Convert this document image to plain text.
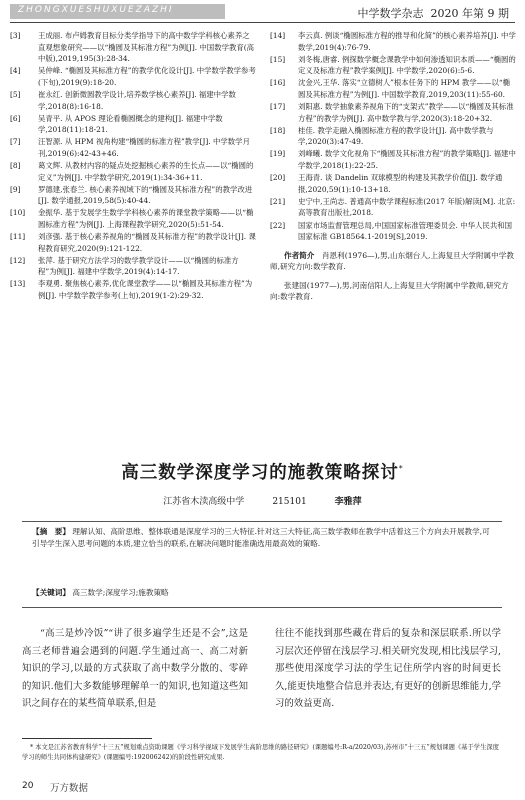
ZHONGXUESHUXUEZAZHI	中学数学杂志 2020 年第 9 期
[3]	王成丽. 布卢姆教育目标分类学指导下的高中数学学科核心素养之直观想象研究——以“椭圆及其标准方程”为例[J]. 中国数学教育(高中版),2019,195(3):28-34.
[4]	吴仲峰. “椭圆及其标准方程”的教学优化设计[J]. 中学数学教学参考(下旬),2019(9):18-20.
[5]	崔永红. 创新微圆教学设计,培养数学核心素养[J]. 福建中学数学,2018(8):16-18.
[6]	吴青平. 从 APOS 理论看椭圆概念的建构[J]. 福建中学数学,2018(11):18-21.
[7]	汪智源. 从 HPM 视角构建“椭圆的标准方程”教学[J]. 中学数学月刊,2019(6):42-43+46.
[8]	葛文辉. 从教材内容的疑点处挖掘核心素养的生长点——以“椭圆的定义”为例[J]. 中学数学研究,2019(1):34-36+11.
[9]	罗德建,张春兰. 核心素养视域下的“椭圆及其标准方程”的教学改进[J]. 数学通报,2019,58(5):40-44.
[10]	金振华. 基于发展学生数学学科核心素养的课堂教学策略——以“椭圆标准方程”为例[J]. 上海课程教学研究,2020(5):51-54.
[11]	刘彦强. 基于核心素养视角的“椭圆及其标准方程”的教学设计[J]. 课程教育研究,2020(9):121-122.
[12]	张萍. 基于研究方法学习的数学教学设计——以“椭圆的标准方程”为例[J]. 福建中学数学,2019(4):14-17.
[13]	李观勇. 聚焦核心素养,优化课堂教学——以“椭圆及其标准方程”为例[J]. 中学数学教学参考(上旬),2019(1-2):29-32.
[14]	李云真. 例谈“椭圆标准方程的推导和化简”的核心素养培养[J]. 中学数学,2019(4):76-79.
[15]	刘冬梅,唐睿. 例探数学概念课教学中如何渗透知识本质——“椭圆的定义及标准方程”教学案例[J]. 中学数学,2020(6):5-6.
[16]	沈金兴,王华. 落实“立德树人”根本任务下的 HPM 教学——以“椭圆及其标准方程”为例[J]. 中国数学教育,2019,203(11):55-60.
[17]	刘阳惠. 数学抽象素养视角下的“支架式”教学——以“椭圆及其标准方程”的教学为例[J]. 高中数学教与学,2020(3):18-20+32.
[18]	桂佳. 教学走融入椭圆标准方程的教学设计[J]. 高中数学教与学,2020(3):47-49.
[19]	刘峰曦. 数学文化视角下“椭圆及其标准方程”的教学策略[J]. 福建中学数学,2018(1):22-25.
[20]	王海青. 谈 Dandelin 双球模型的构建及其教学价值[J]. 数学通报,2020,59(1):10-13+18.
[21]	史宁中,王尚志. 普通高中数学课程标准(2017 年版)解读[M]. 北京:高等教育出版社,2018.
[22]	国家市场监督管理总局,中国国家标准管理委员会. 中华人民共和国国家标准 GB18564.1-2019[S],2019.
作者简介　 肖恩利(1976—),男,山东烟台人,上海复旦大学附属中学教师,研究方向:数学教育.
张建国(1977—),男,河南信阳人,上海复旦大学附属中学教师,研究方向:数学教育.
高三数学深度学习的施教策略探讨*
江苏省木渎高级中学	215101	李雅萍
【摘　要】 理解认知、高阶思维、整体联通是深度学习的三大特征.针对这三大特征,高三数学教师在教学中活着这三个方向去开展教学,可引导学生深入思考问题的本质,建立恰当的联系,在解决问题时能准确选用最高效的策略.
【关键词】 高三数学;深度学习;施教策略

“高三是炒冷饭”“讲了很多遍学生还是不会”,这是高三老师普遍会遇到的问题.学生通过高一、高二对新知识的学习,以最的方式获取了高中数学分散的、零碎的知识.他们大多数能够理解单一的知识,也知道这些知识之间存在的某些简单联系,但是

往往不能找到那些藏在背后的复杂和深层联系.所以学习层次还停留在浅层学习.相关研究发现,相比浅层学习,那些使用深度学习法的学生记住所学内容的时间更长久,能更快地整合信息并表达,有更好的创新思维能力,学习的效益更高.

* 本文是江苏省教育科学“十三五”规划重点资助课题《学习科学视域下发展学生高阶思维的路径研究》(课题编号:R-a/2020/03),苏州市“十三五”规划课题《基于学生深度学习的师生共同体构建研究》(课题编号:192006242)的阶段性研究成果.
20 万方数据
